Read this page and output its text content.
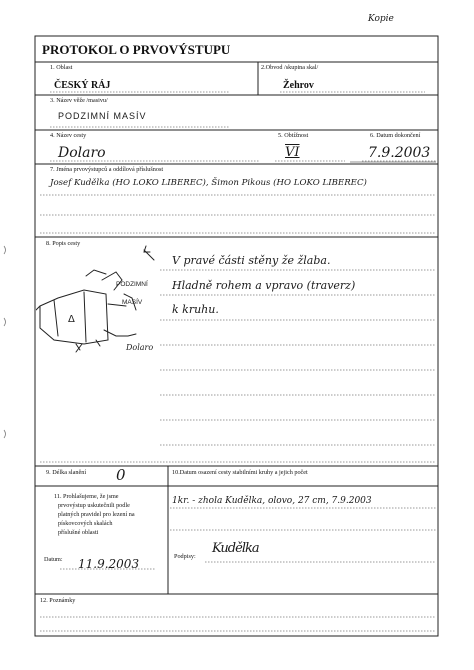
Kopie
PROTOKOL O PRVOVÝSTUPU
1. Oblast
ČESKÝ RÁJ
2.Obvod /skupina skal/
Žehrov
3. Název věže /masivu/
PODZIMNÍ MASÍV
4. Název cesty
Dolaro
5. Obtížnost
VI
6. Datum dokončení
7.9.2003
7. Jména prvovýstupců a oddílová příslušnost
Josef Kudělka (HO LOKO LIBEREC), Šimon Pikous (HO LOKO LIBEREC)
8. Popis cesty
V pravé části stěny že žlaba.
Hladně rohem a vpravo (traverz)
k kruhu.
Δ
PODZIMNÍ
MASÍV
Dolaro
9. Délka slanění 0	10.Datum osazení cesty stabilními kruhy a jejich počet
11. Prohlašujeme, že jsme
prvovýstup uskutečnili podle
platných pravidel pro lezení na
pískovcových skalách
příslušné oblasti
1kr. - zhola Kudělka, olovo, 27 cm, 7.9.2003
Datum: 11.9.2003
Podpisy:
Kudělka
12. Poznámky
